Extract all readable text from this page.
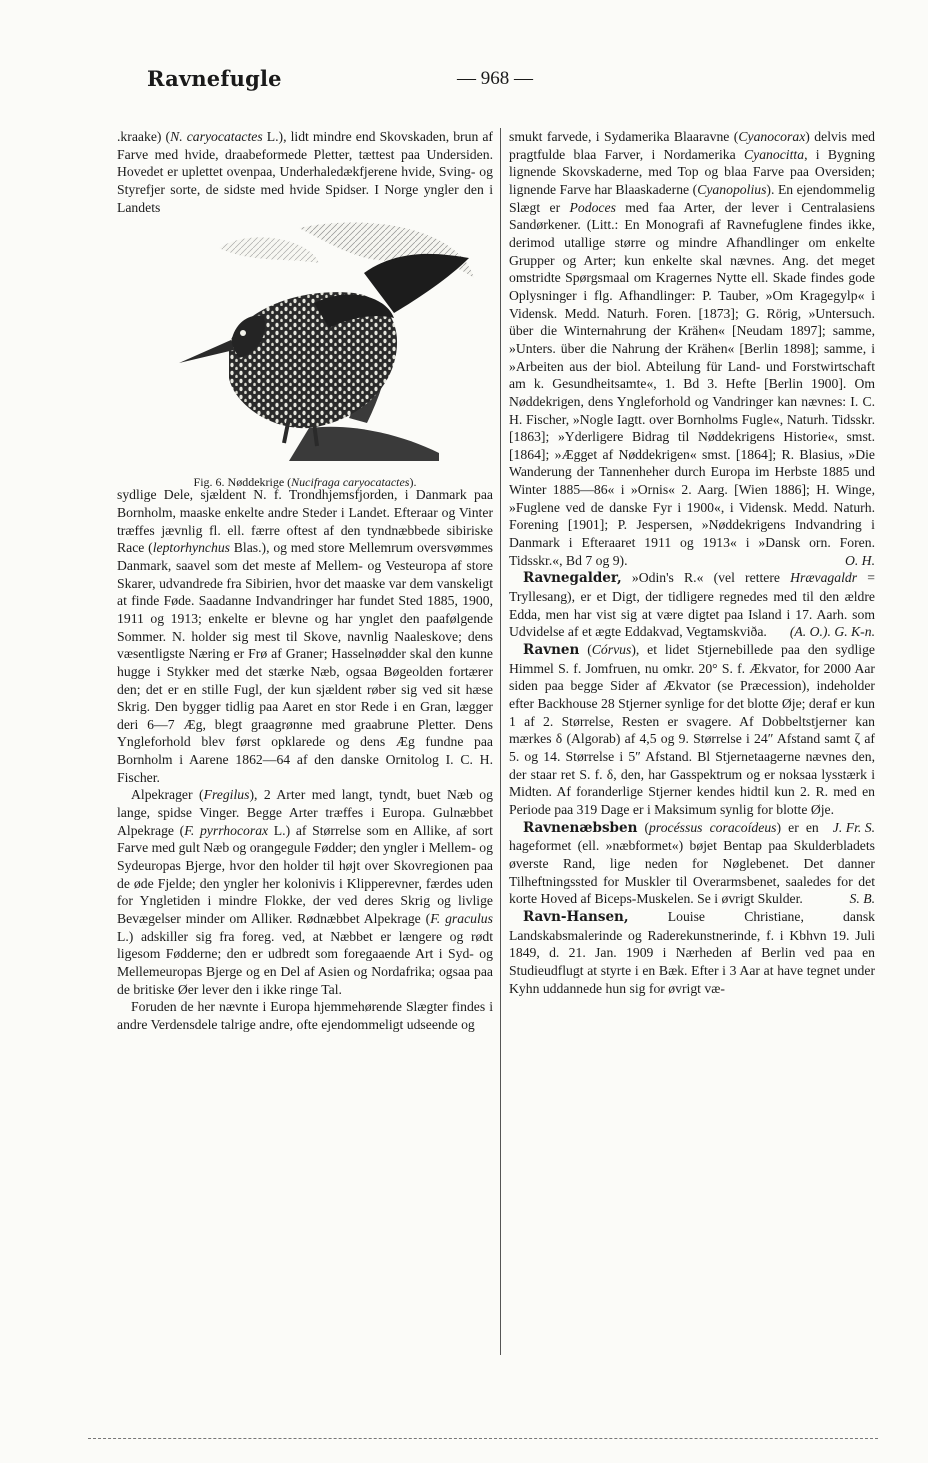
Ravnefugle	— 968 —

.kraake) (N. caryocatactes L.), lidt mindre end Skovskaden, brun af Farve med hvide, draabeformede Pletter, tættest paa Undersiden. Hovedet er uplettet ovenpaa, Underhaledækfjerene hvide, Sving- og Styrefjer sorte, de sidste med hvide Spidser. I Norge yngler den i Landets

Fig. 6. Nøddekrige (Nucifraga caryocatactes).

sydlige Dele, sjældent N. f. Trondhjemsfjorden, i Danmark paa Bornholm, maaske enkelte andre Steder i Landet. Efteraar og Vinter træffes jævnlig fl. ell. færre oftest af den tyndnæbbede sibiriske Race (leptorhynchus Blas.), og med store Mellemrum oversvømmes Danmark, saavel som det meste af Mellem- og Vesteuropa af store Skarer, udvandrede fra Sibirien, hvor det maaske var dem vanskeligt at finde Føde. Saadanne Indvandringer har fundet Sted 1885, 1900, 1911 og 1913; enkelte er blevne og har ynglet den paafølgende Sommer. N. holder sig mest til Skove, navnlig Naaleskove; dens væsentligste Næring er Frø af Graner; Hasselnødder skal den kunne hugge i Stykker med det stærke Næb, ogsaa Bøgeolden fortærer den; det er en stille Fugl, der kun sjældent røber sig ved sit hæse Skrig. Den bygger tidlig paa Aaret en stor Rede i en Gran, lægger deri 6—7 Æg, blegt graagrønne med graabrune Pletter. Dens Yngleforhold blev først opklarede og dens Æg fundne paa Bornholm i Aarene 1862—64 af den danske Ornitolog I. C. H. Fischer.

Alpekrager (Fregilus), 2 Arter med langt, tyndt, buet Næb og lange, spidse Vinger. Begge Arter træffes i Europa. Gulnæbbet Alpekrage (F. pyrrhocorax L.) af Størrelse som en Allike, af sort Farve med gult Næb og orangegule Fødder; den yngler i Mellem- og Sydeuropas Bjerge, hvor den holder til højt over Skovregionen paa de øde Fjelde; den yngler her kolonivis i Klipperevner, færdes uden for Yngletiden i mindre Flokke, der ved deres Skrig og livlige Bevægelser minder om Alliker. Rødnæbbet Alpekrage (F. graculus L.) adskiller sig fra foreg. ved, at Næbbet er længere og rødt ligesom Fødderne; den er udbredt som foregaaende Art i Syd- og Mellemeuropas Bjerge og en Del af Asien og Nordafrika; ogsaa paa de britiske Øer lever den i ikke ringe Tal.

Foruden de her nævnte i Europa hjemmehørende Slægter findes i andre Verdensdele talrige andre, ofte ejendommeligt udseende og

smukt farvede, i Sydamerika Blaaravne (Cyanocorax) delvis med pragtfulde blaa Farver, i Nordamerika Cyanocitta, i Bygning lignende Skovskaderne, med Top og blaa Farve paa Oversiden; lignende Farve har Blaaskaderne (Cyanopolius). En ejendommelig Slægt er Podoces med faa Arter, der lever i Centralasiens Sandørkener. (Litt.: En Monografi af Ravnefuglene findes ikke, derimod utallige større og mindre Afhandlinger om enkelte Grupper og Arter; kun enkelte skal nævnes. Ang. det meget omstridte Spørgsmaal om Kragernes Nytte ell. Skade findes gode Oplysninger i flg. Afhandlinger: P. Tauber, »Om Kragegylp« i Vidensk. Medd. Naturh. Foren. [1873]; G. Rörig, »Untersuch. über die Winternahrung der Krähen« [Neudam 1897]; samme, »Unters. über die Nahrung der Krähen« [Berlin 1898]; samme, i »Arbeiten aus der biol. Abteilung für Land- und Forstwirtschaft am k. Gesundheitsamte«, 1. Bd 3. Hefte [Berlin 1900]. Om Nøddekrigen, dens Yngleforhold og Vandringer kan nævnes: I. C. H. Fischer, »Nogle Iagtt. over Bornholms Fugle«, Naturh. Tidsskr. [1863]; »Yderligere Bidrag til Nøddekrigens Historie«, smst. [1864]; »Ægget af Nøddekrigen« smst. [1864]; R. Blasius, »Die Wanderung der Tannenheher durch Europa im Herbste 1885 und Winter 1885—86« i »Ornis« 2. Aarg. [Wien 1886]; H. Winge, »Fuglene ved de danske Fyr i 1900«, i Vidensk. Medd. Naturh. Forening [1901]; P. Jespersen, »Nøddekrigens Indvandring i Danmark i Efteraaret 1911 og 1913« i »Dansk orn. Foren. Tidsskr.«, Bd 7 og 9).	O. H.

Ravnegalder, »Odin's R.« (vel rettere Hrævagaldr = Tryllesang), er et Digt, der tidligere regnedes med til den ældre Edda, men har vist sig at være digtet paa Island i 17. Aarh. som Udvidelse af et ægte Eddakvad, Vegtamskviða.	(A. O.). G. K-n.

Ravnen (Córvus), et lidet Stjernebillede paa den sydlige Himmel S. f. Jomfruen, nu omkr. 20° S. f. Ækvator, for 2000 Aar siden paa begge Sider af Ækvator (se Præcession), indeholder efter Backhouse 28 Stjerner synlige for det blotte Øje; deraf er kun 1 af 2. Størrelse, Resten er svagere. Af Dobbeltstjerner kan mærkes δ (Algorab) af 4,5 og 9. Størrelse i 24″ Afstand samt ζ af 5. og 14. Størrelse i 5″ Afstand. Bl Stjernetaagerne nævnes den, der staar ret S. f. δ, den, har Gasspektrum og er noksaa lysstærk i Midten. Af foranderlige Stjerner kendes hidtil kun 2. R. med en Periode paa 319 Dage er i Maksimum synlig for blotte Øje.
J. Fr. S.

Ravnenæbsben (procéssus coracoídeus) er en hageformet (ell. »næbformet«) bøjet Bentap paa Skulderbladets øverste Rand, lige neden for Nøglebenet. Det danner Tilheftningssted for Muskler til Overarmsbenet, saaledes for det korte Hoved af Biceps-Muskelen. Se i øvrigt Skulder.	S. B.

Ravn-Hansen, Louise Christiane, dansk Landskabsmalerinde og Raderekunstnerinde, f. i Kbhvn 19. Juli 1849, d. 21. Jan. 1909 i Nærheden af Berlin ved paa en Studieudflugt at styrte i en Bæk. Efter i 3 Aar at have tegnet under Kyhn uddannede hun sig for øvrigt væ-
